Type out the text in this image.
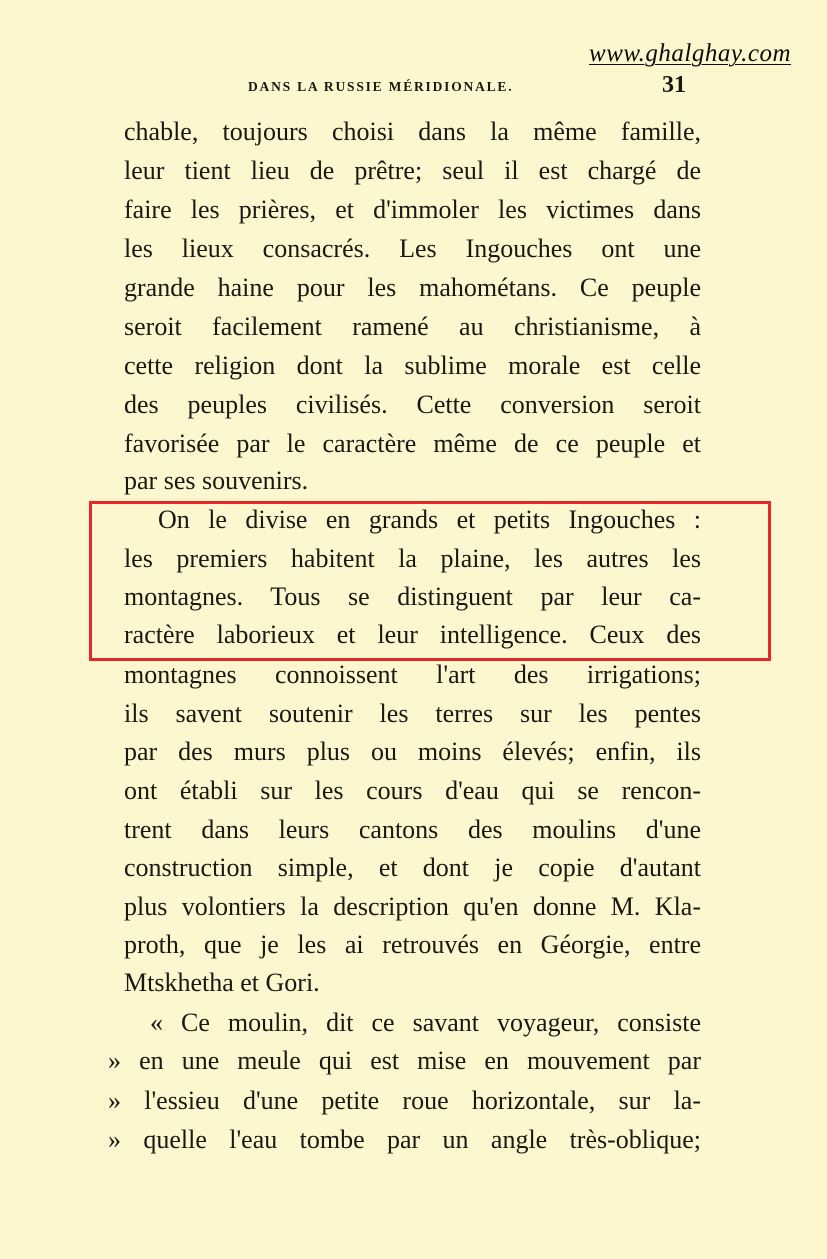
www.ghalghay.com
DANS LA RUSSIE MÉRIDIONALE.	31
chable, toujours choisi dans la même famille,
leur tient lieu de prêtre; seul il est chargé de
faire les prières, et d'immoler les victimes dans
les lieux consacrés. Les Ingouches ont une
grande haine pour les mahométans. Ce peuple
seroit facilement ramené au christianisme, à
cette religion dont la sublime morale est celle
des peuples civilisés. Cette conversion seroit
favorisée par le caractère même de ce peuple et
par ses souvenirs.
On le divise en grands et petits Ingouches :
les premiers habitent la plaine, les autres les
montagnes. Tous se distinguent par leur ca-
ractère laborieux et leur intelligence. Ceux des
montagnes connoissent l'art des irrigations;
ils savent soutenir les terres sur les pentes
par des murs plus ou moins élevés; enfin, ils
ont établi sur les cours d'eau qui se rencon-
trent dans leurs cantons des moulins d'une
construction simple, et dont je copie d'autant
plus volontiers la description qu'en donne M. Kla-
proth, que je les ai retrouvés en Géorgie, entre
Mtskhetha et Gori.
« Ce moulin, dit ce savant voyageur, consiste
» en une meule qui est mise en mouvement par
» l'essieu d'une petite roue horizontale, sur la-
» quelle l'eau tombe par un angle très-oblique;
